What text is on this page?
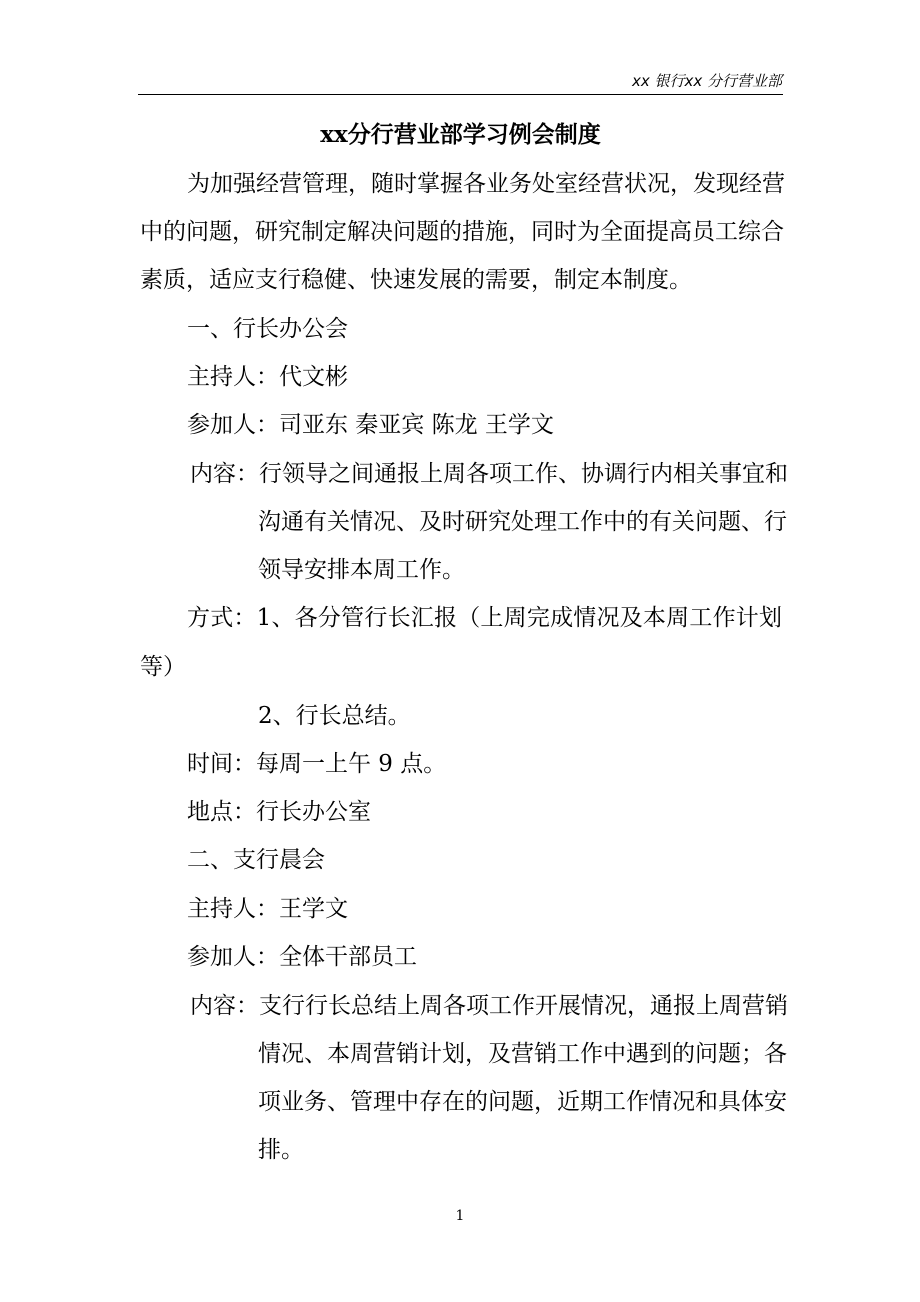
xx 银行xx 分行营业部
xx分行营业部学习例会制度
为加强经营管理，随时掌握各业务处室经营状况，发现经营
中的问题，研究制定解决问题的措施，同时为全面提高员工综合
素质，适应支行稳健、快速发展的需要，制定本制度。
一、行长办公会
主持人：代文彬
参加人：司亚东 秦亚宾 陈龙 王学文
内容：行领导之间通报上周各项工作、协调行内相关事宜和
沟通有关情况、及时研究处理工作中的有关问题、行
领导安排本周工作。
方式：1、各分管行长汇报（上周完成情况及本周工作计划
等）
2、行长总结。
时间：每周一上午 9 点。
地点：行长办公室
二、支行晨会
主持人：王学文
参加人：全体干部员工
内容：支行行长总结上周各项工作开展情况，通报上周营销
情况、本周营销计划，及营销工作中遇到的问题；各
项业务、管理中存在的问题，近期工作情况和具体安
排。
1
